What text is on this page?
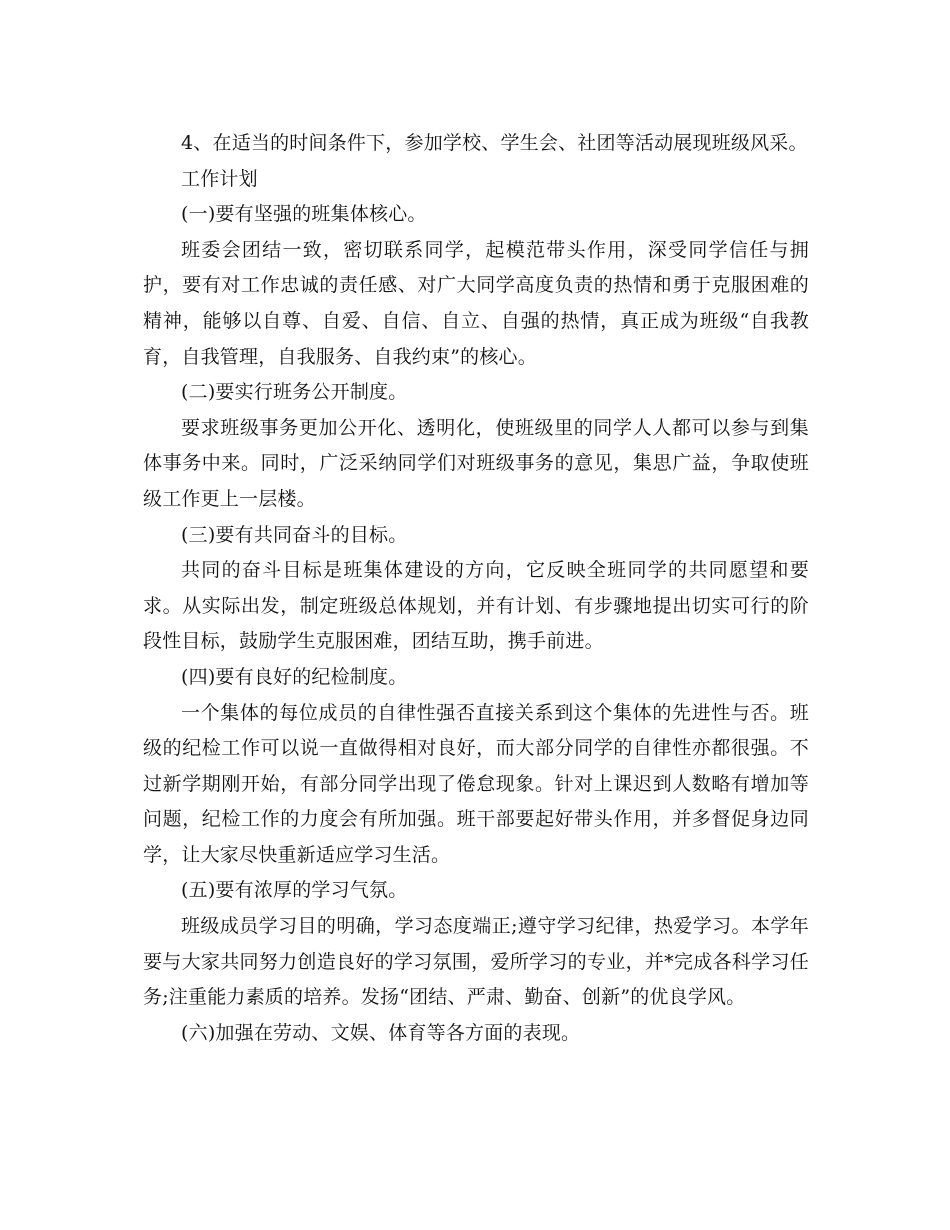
4、在适当的时间条件下，参加学校、学生会、社团等活动展现班级风采。

工作计划

(一)要有坚强的班集体核心。

班委会团结一致，密切联系同学，起模范带头作用，深受同学信任与拥护，要有对工作忠诚的责任感、对广大同学高度负责的热情和勇于克服困难的精神，能够以自尊、自爱、自信、自立、自强的热情，真正成为班级“自我教育，自我管理，自我服务、自我约束”的核心。

(二)要实行班务公开制度。

要求班级事务更加公开化、透明化，使班级里的同学人人都可以参与到集体事务中来。同时，广泛采纳同学们对班级事务的意见，集思广益，争取使班级工作更上一层楼。

(三)要有共同奋斗的目标。

共同的奋斗目标是班集体建设的方向，它反映全班同学的共同愿望和要求。从实际出发，制定班级总体规划，并有计划、有步骤地提出切实可行的阶段性目标，鼓励学生克服困难，团结互助，携手前进。

(四)要有良好的纪检制度。

一个集体的每位成员的自律性强否直接关系到这个集体的先进性与否。班级的纪检工作可以说一直做得相对良好，而大部分同学的自律性亦都很强。不过新学期刚开始，有部分同学出现了倦怠现象。针对上课迟到人数略有增加等问题，纪检工作的力度会有所加强。班干部要起好带头作用，并多督促身边同学，让大家尽快重新适应学习生活。

(五)要有浓厚的学习气氛。

班级成员学习目的明确，学习态度端正;遵守学习纪律，热爱学习。本学年要与大家共同努力创造良好的学习氛围，爱所学习的专业，并*完成各科学习任务;注重能力素质的培养。发扬“团结、严肃、勤奋、创新”的优良学风。

(六)加强在劳动、文娱、体育等各方面的表现。
